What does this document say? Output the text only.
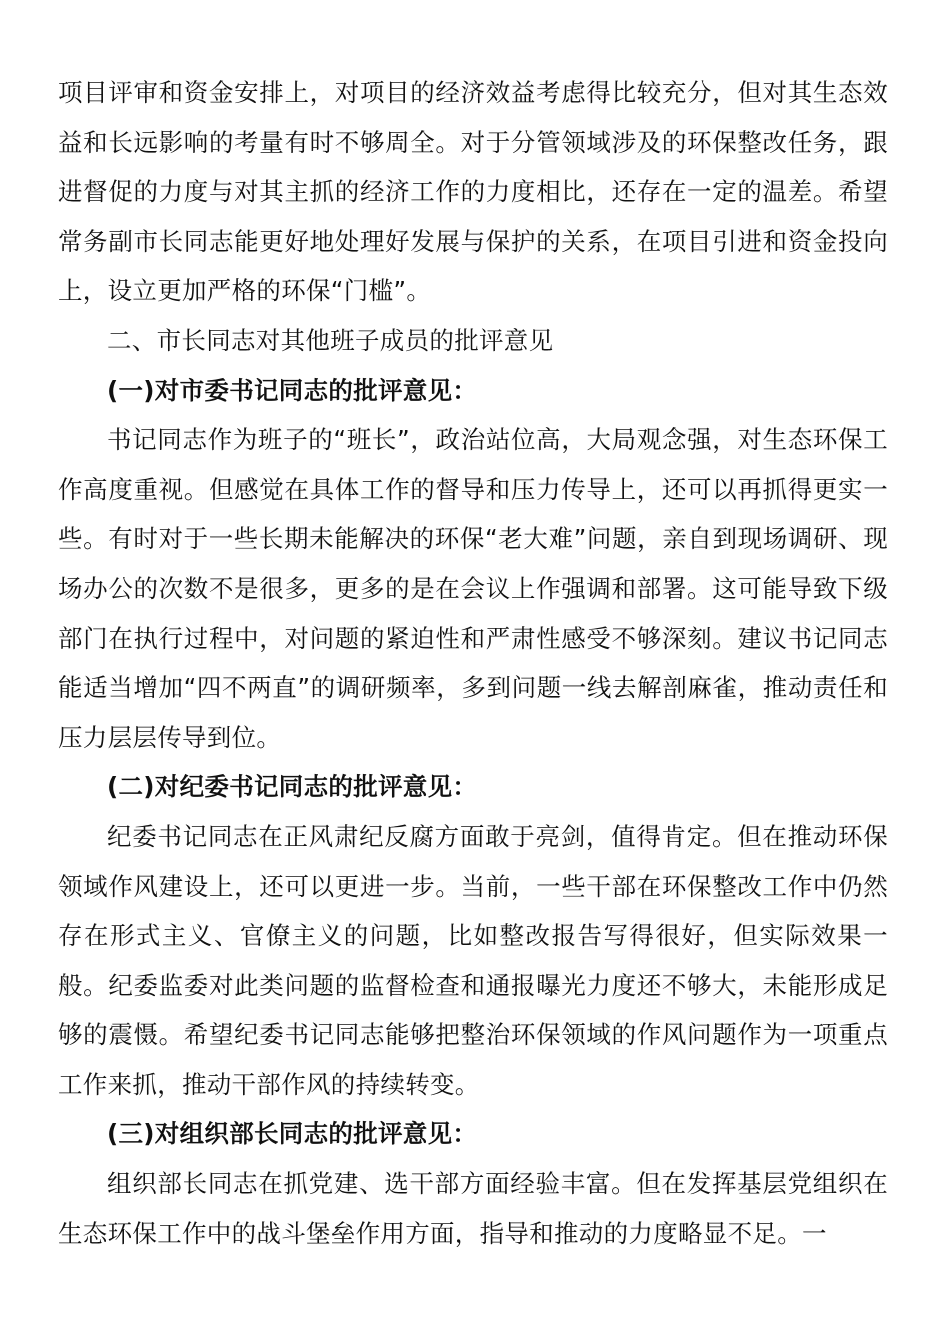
项目评审和资金安排上，对项目的经济效益考虑得比较充分，但对其生态效益和长远影响的考量有时不够周全。对于分管领域涉及的环保整改任务，跟进督促的力度与对其主抓的经济工作的力度相比，还存在一定的温差。希望常务副市长同志能更好地处理好发展与保护的关系，在项目引进和资金投向上，设立更加严格的环保“门槛”。

二、市长同志对其他班子成员的批评意见

(一)对市委书记同志的批评意见：

书记同志作为班子的“班长”，政治站位高，大局观念强，对生态环保工作高度重视。但感觉在具体工作的督导和压力传导上，还可以再抓得更实一些。有时对于一些长期未能解决的环保“老大难”问题，亲自到现场调研、现场办公的次数不是很多，更多的是在会议上作强调和部署。这可能导致下级部门在执行过程中，对问题的紧迫性和严肃性感受不够深刻。建议书记同志能适当增加“四不两直”的调研频率，多到问题一线去解剖麻雀，推动责任和压力层层传导到位。

(二)对纪委书记同志的批评意见：

纪委书记同志在正风肃纪反腐方面敢于亮剑，值得肯定。但在推动环保领域作风建设上，还可以更进一步。当前，一些干部在环保整改工作中仍然存在形式主义、官僚主义的问题，比如整改报告写得很好，但实际效果一般。纪委监委对此类问题的监督检查和通报曝光力度还不够大，未能形成足够的震慑。希望纪委书记同志能够把整治环保领域的作风问题作为一项重点工作来抓，推动干部作风的持续转变。

(三)对组织部长同志的批评意见：

组织部长同志在抓党建、选干部方面经验丰富。但在发挥基层党组织在生态环保工作中的战斗堡垒作用方面，指导和推动的力度略显不足。一
